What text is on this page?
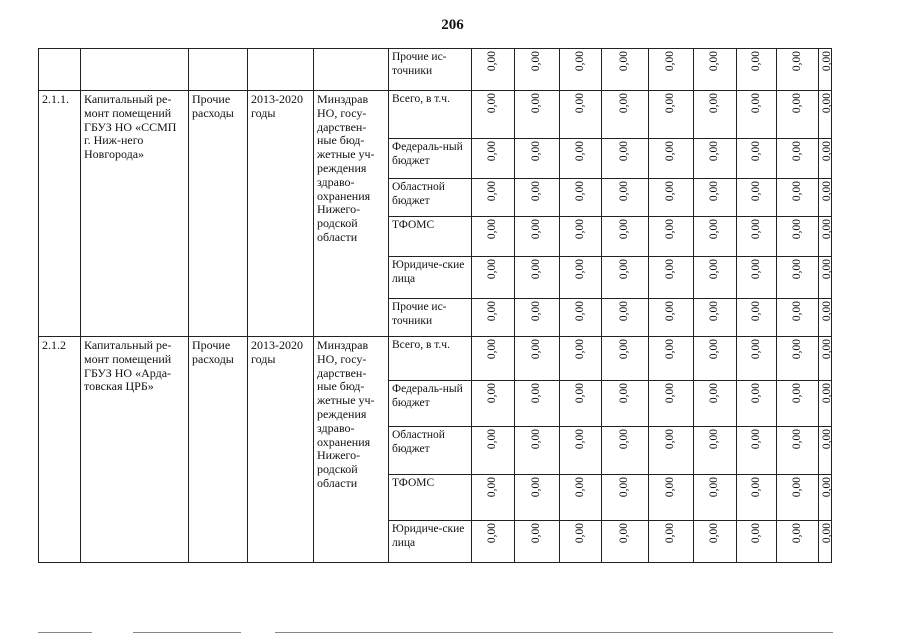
206
					Прочие ис-точники	0,00	0,00	0,00	0,00	0,00	0,00	0,00	0,00	0,00
2.1.1.	Капитальный ре-монт помещений ГБУЗ НО «ССМП г. Ниж-него Новгорода»	Прочие расходы	2013-2020 годы	Минздрав НО, госу-дарствен-ные бюд-жетные уч-реждения здраво-охранения Нижего-родской области	Всего, в т.ч.	0,00	0,00	0,00	0,00	0,00	0,00	0,00	0,00	0,00
					Федераль-ный бюджет	0,00	0,00	0,00	0,00	0,00	0,00	0,00	0,00	0,00
					Областной бюджет	0,00	0,00	0,00	0,00	0,00	0,00	0,00	0,00	0,00
					ТФОМС	0,00	0,00	0,00	0,00	0,00	0,00	0,00	0,00	0,00
					Юридиче-ские лица	0,00	0,00	0,00	0,00	0,00	0,00	0,00	0,00	0,00
					Прочие ис-точники	0,00	0,00	0,00	0,00	0,00	0,00	0,00	0,00	0,00
2.1.2	Капитальный ре-монт помещений ГБУЗ НО «Арда-товская ЦРБ»	Прочие расходы	2013-2020 годы	Минздрав НО, госу-дарствен-ные бюд-жетные уч-реждения здраво-охранения Нижего-родской области	Всего, в т.ч.	0,00	0,00	0,00	0,00	0,00	0,00	0,00	0,00	0,00
					Федераль-ный бюджет	0,00	0,00	0,00	0,00	0,00	0,00	0,00	0,00	0,00
					Областной бюджет	0,00	0,00	0,00	0,00	0,00	0,00	0,00	0,00	0,00
					ТФОМС	0,00	0,00	0,00	0,00	0,00	0,00	0,00	0,00	0,00
					Юридиче-ские лица	0,00	0,00	0,00	0,00	0,00	0,00	0,00	0,00	0,00
